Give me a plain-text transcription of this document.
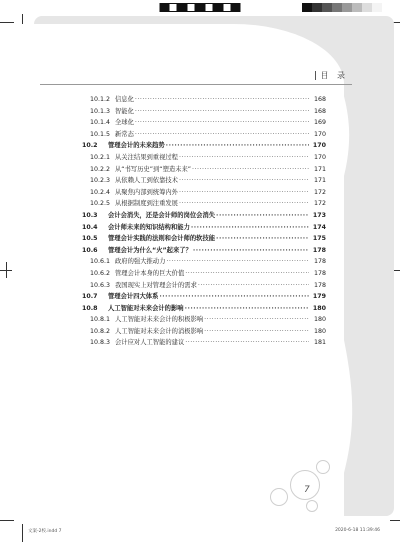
目 录
10.1.2 信息化 ·····	168
10.1.3 智能化 ·····	168
10.1.4 全球化 ·····	169
10.1.5 新常态 ·····	170
10.2	管理会计的未来趋势 ·····	170
10.2.1 从关注结果到重视过程 ·····	170
10.2.2 从“书写历史”到“塑造未来” ·····	171
10.2.3 从依赖人工到依靠技术 ·····	171
10.2.4 从聚焦内部到统筹内外 ·····	172
10.2.5 从根据制度到注重发展 ·····	172
10.3	会计会消失，还是会计师的岗位会消失 ·····	173
10.4	会计师未来的知识结构和能力 ·····	174
10.5	管理会计实践的法则和会计师的软技能 ·····	175
10.6	管理会计为什么“火”起来了？ ·····	178
10.6.1 政府的强大推动力 ·····	178
10.6.2 管理会计本身的巨大价值 ·····	178
10.6.3 我国现实上对管理会计的需求 ·····	178
10.7	管理会计四大体系 ·····	179
10.8	人工智能对未来会计的影响 ·····	180
10.8.1 人工智能对未来会计的积极影响 ·····	180
10.8.2 人工智能对未来会计的消极影响 ·····	180
10.8.3 会计应对人工智能的建议 ·····	181
7
文案-2校.indd 7	2020-6-18 11:39:46
